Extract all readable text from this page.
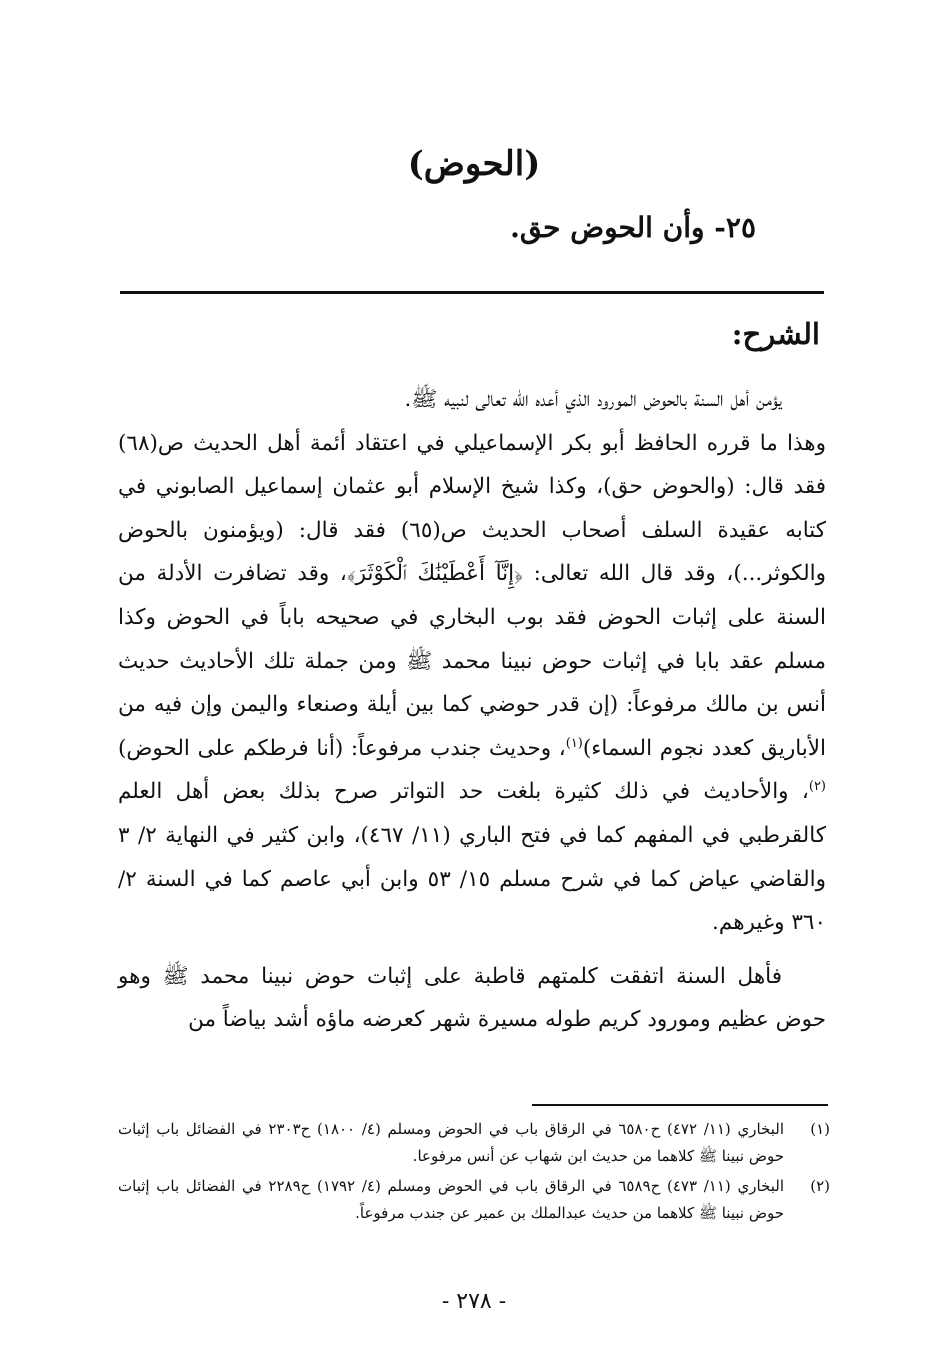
(الحوض)
٢٥- وأن الحوض حق.
الشرح:

يؤمن أهل السنة بالحوض المورود الذي أعده الله تعالى لنبيه ﷺ.

وهذا ما قرره الحافظ أبو بكر الإسماعيلي في اعتقاد أئمة أهل الحديث ص(٦٨) فقد قال: (والحوض حق)، وكذا شيخ الإسلام أبو عثمان إسماعيل الصابوني في كتابه عقيدة السلف أصحاب الحديث ص(٦٥) فقد قال: (ويؤمنون بالحوض والكوثر...)، وقد قال الله تعالى: ﴿إِنَّآ أَعْطَيْنَٰكَ ٱلْكَوْثَرَ﴾، وقد تضافرت الأدلة من السنة على إثبات الحوض فقد بوب البخاري في صحيحه باباً في الحوض وكذا مسلم عقد بابا في إثبات حوض نبينا محمد ﷺ ومن جملة تلك الأحاديث حديث أنس بن مالك مرفوعاً: (إن قدر حوضي كما بين أيلة وصنعاء واليمن وإن فيه من الأباريق كعدد نجوم السماء)$^{(١)}$، وحديث جندب مرفوعاً: (أنا فرطكم على الحوض)$^{(٢)}$، والأحاديث في ذلك كثيرة بلغت حد التواتر صرح بذلك بعض أهل العلم كالقرطبي في المفهم كما في فتح الباري (١١/ ٤٦٧)، وابن كثير في النهاية ٢/ ٣ والقاضي عياض كما في شرح مسلم ١٥/ ٥٣ وابن أبي عاصم كما في السنة ٢/ ٣٦٠ وغيرهم.

فأهل السنة اتفقت كلمتهم قاطبة على إثبات حوض نبينا محمد ﷺ وهو حوض عظيم ومورود كريم طوله مسيرة شهر كعرضه ماؤه أشد بياضاً من

(١)
البخاري (١١/ ٤٧٢) ح٦٥٨٠ في الرقاق باب في الحوض ومسلم (٤/ ١٨٠٠) ح٢٣٠٣ في الفضائل باب إثبات حوض نبينا ﷺ كلاهما من حديث ابن شهاب عن أنس مرفوعا.
(٢)
البخاري (١١/ ٤٧٣) ح٦٥٨٩ في الرقاق باب في الحوض ومسلم (٤/ ١٧٩٢) ح٢٢٨٩ في الفضائل باب إثبات حوض نبينا ﷺ كلاهما من حديث عبدالملك بن عمير عن جندب مرفوعاً.
- ٢٧٨ -
